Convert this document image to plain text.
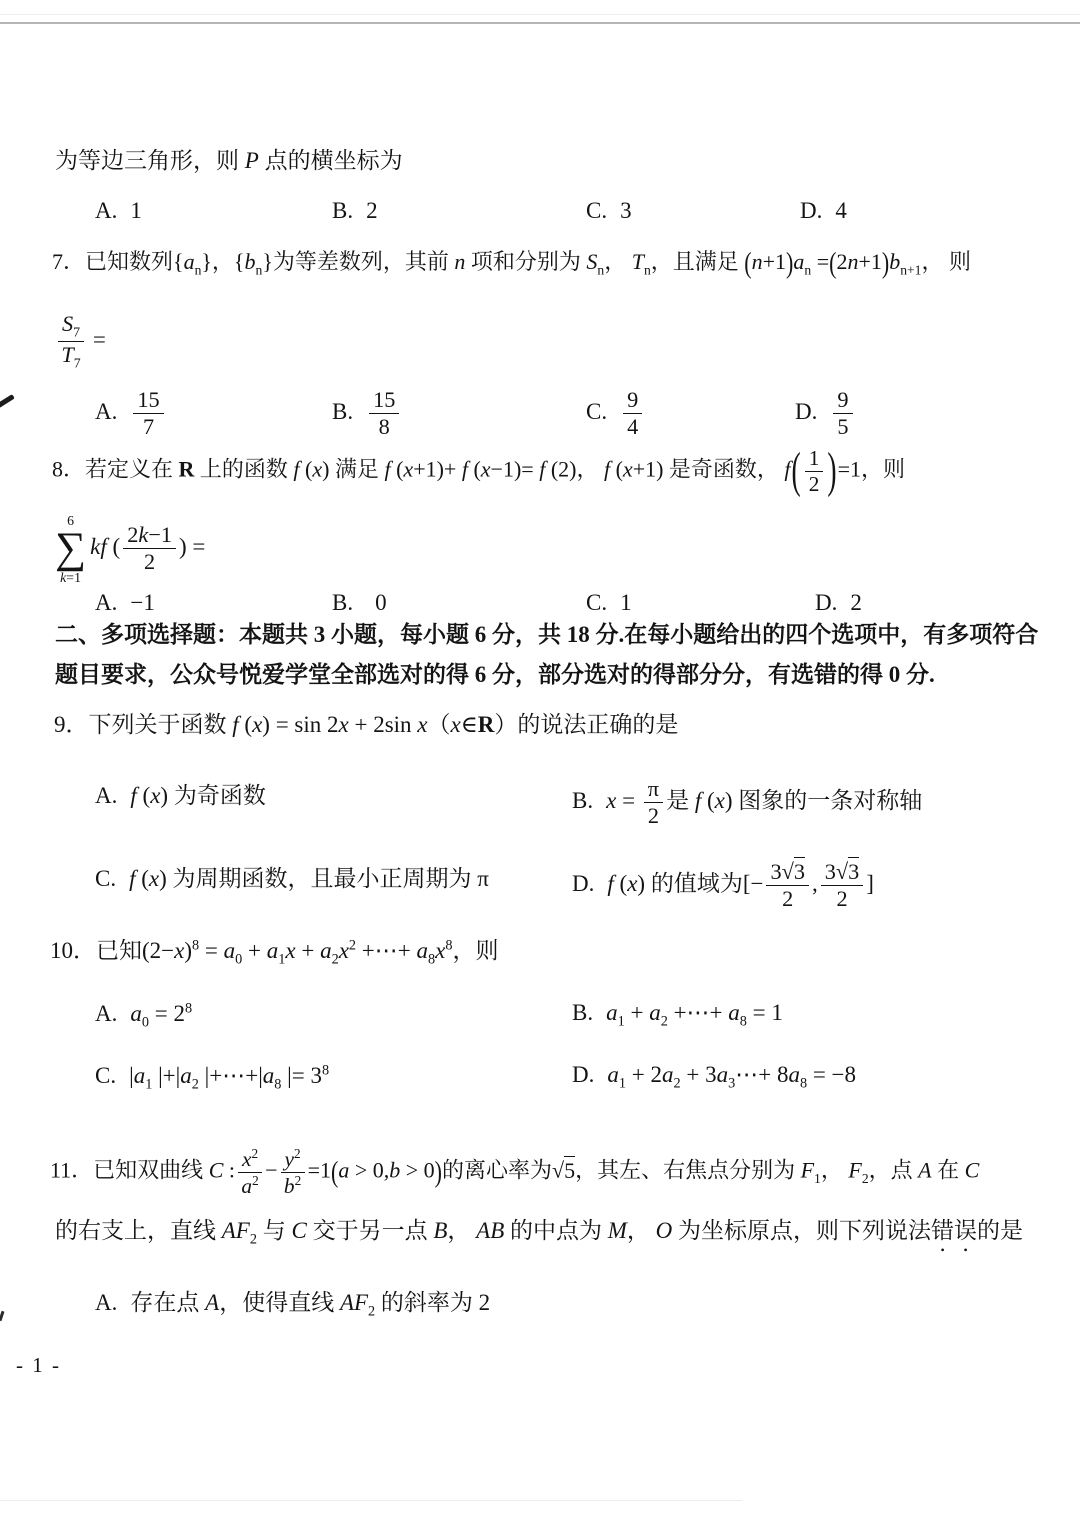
为等边三角形，则 P 点的横坐标为
A. 1	B. 2	C. 3	D. 4
7．已知数列$\{a_n\}$，$\{b_n\}$为等差数列，其前 n 项和分别为 $S_n$， $T_n$，且满足 $(n+1)a_n =(2n+1)b_{n+1}$， 则
$\frac{S_7}{T_7}$ =
A. $\frac{15}{7}$	B. $\frac{15}{8}$	C. $\frac{9}{4}$	D. $\frac{9}{5}$
8．若定义在 R 上的函数 f (x) 满足 f (x+1)+ f (x−1)= f (2)， f (x+1) 是奇函数， $f( \frac{1}{2} )=1$，则
6
∑
k=1
kf ( $\frac{2k-1}{2}$ ) =
A. −1	B. 0	C. 1	D. 2
二、多项选择题：本题共 3 小题，每小题 6 分，共 18 分.在每小题给出的四个选项中，有多项符合
题目要求，公众号悦爱学堂全部选对的得 6 分，部分选对的得部分分，有选错的得 0 分.
9．下列关于函数 f (x) = sin 2x + 2sin x（x∈R）的说法正确的是
A. f (x) 为奇函数	B. $x = \frac{\pi}{2}$ 是 f (x) 图象的一条对称轴
C. f (x) 为周期函数，且最小正周期为 π	D. f (x) 的值域为[− $\frac{3√3}{2}$ , $\frac{3√3}{2}$ ]
10．已知$(2-x)^8 = a_0 + a_1x + a_2x^2$ +⋯+ $a_8x^8$，则
A. $a_0 = 2^8$	B. $a_1 + a_2$ +⋯+ $a_8 = 1$
C. $|a_1$ $|+|a_2$ $|+\cdots+|a_8$ |= $3^8$	D. $a_1 + 2a_2$ + $3a_3\cdots+ 8a_8 = -8$
11．已知双曲线 C : $\frac{x^2}{a^2} - \frac{y^2}{b^2} =1(a > 0,b > 0)$的离心率为√5，其左、右焦点分别为 $F_1$， $F_2$，点 A 在 C
的右支上，直线 $AF_2$ 与 C 交于另一点 B， AB 的中点为 M， O 为坐标原点，则下列说法错误的是
A. 存在点 A，使得直线 $AF_2$ 的斜率为 2
- 1 -
